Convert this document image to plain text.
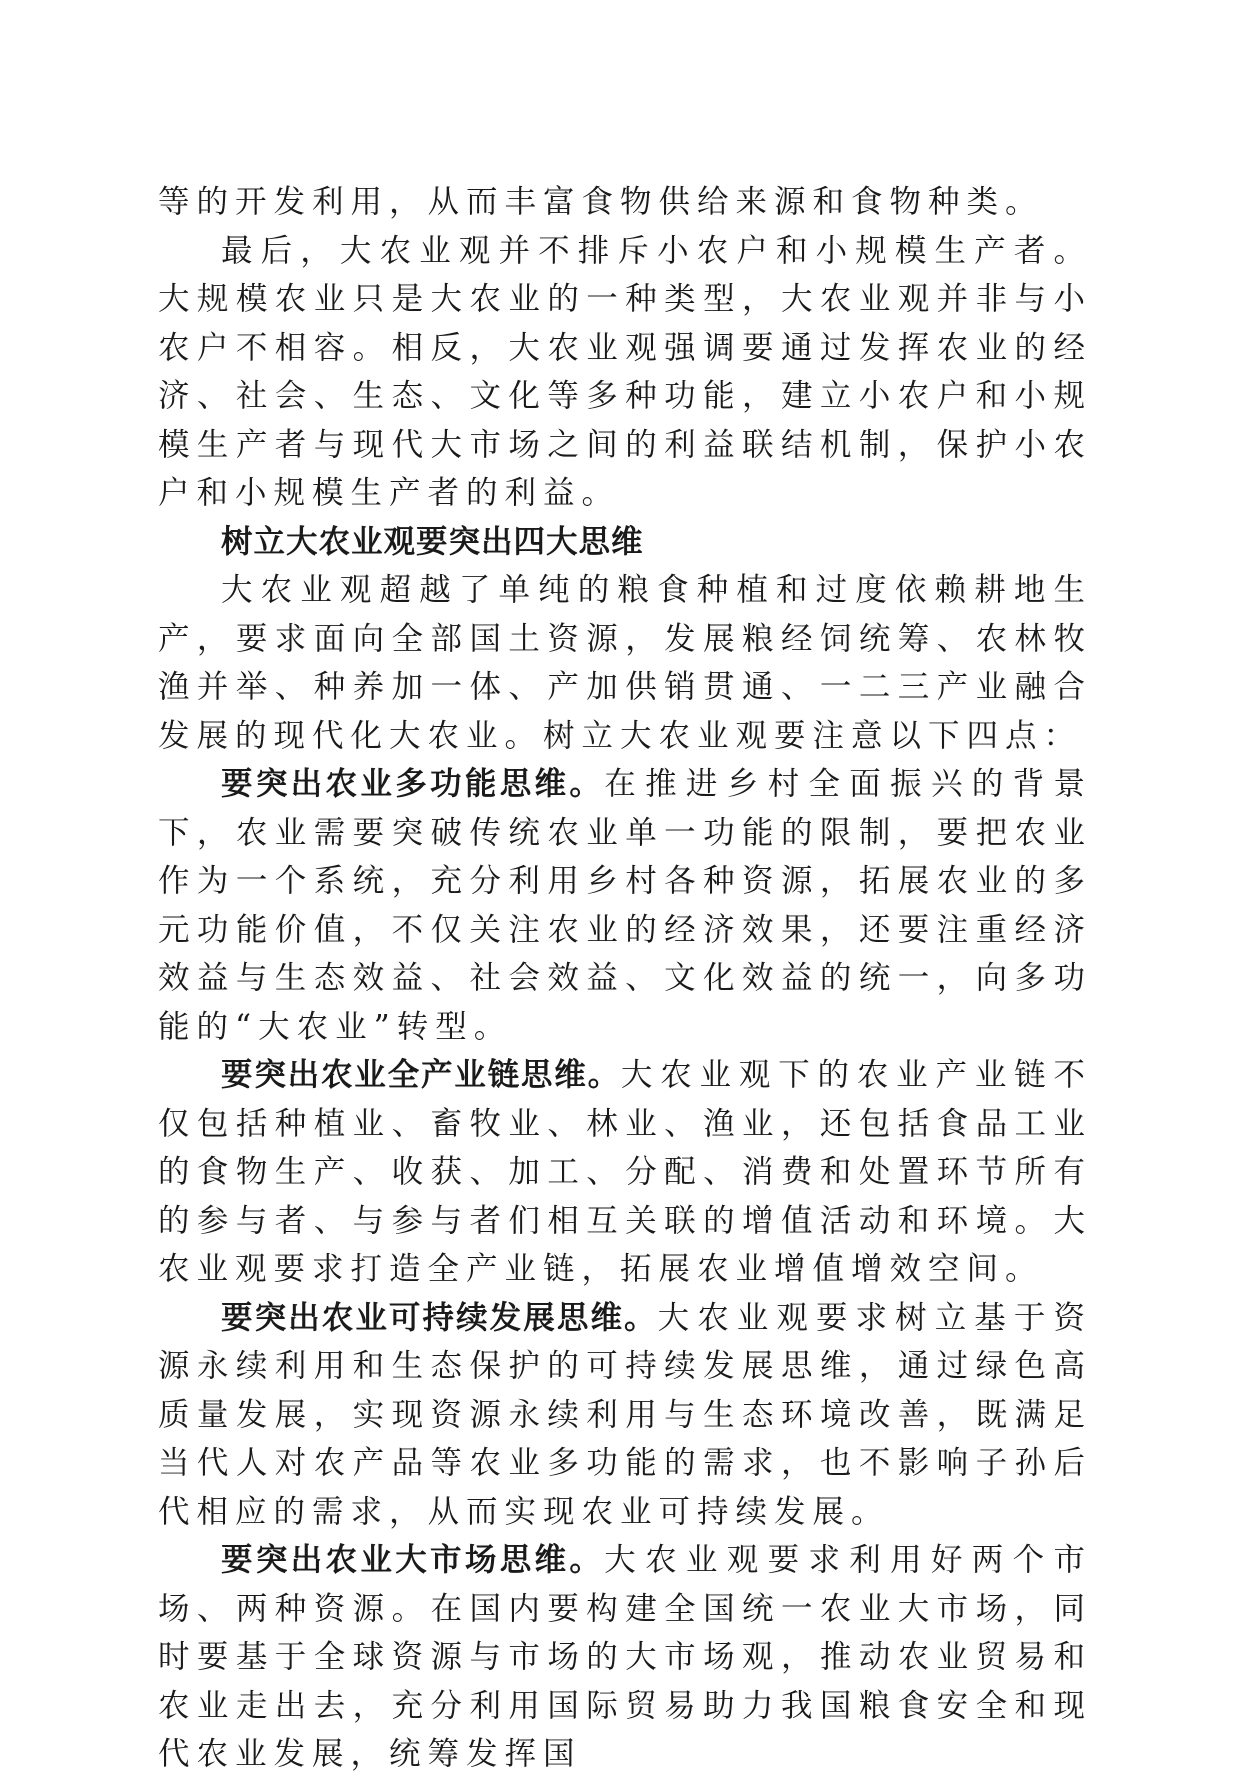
等的开发利用，从而丰富食物供给来源和食物种类。

最后，大农业观并不排斥小农户和小规模生产者。大规模农业只是大农业的一种类型，大农业观并非与小农户不相容。相反，大农业观强调要通过发挥农业的经济、社会、生态、文化等多种功能，建立小农户和小规模生产者与现代大市场之间的利益联结机制，保护小农户和小规模生产者的利益。

树立大农业观要突出四大思维

大农业观超越了单纯的粮食种植和过度依赖耕地生产，要求面向全部国土资源，发展粮经饲统筹、农林牧渔并举、种养加一体、产加供销贯通、一二三产业融合发展的现代化大农业。树立大农业观要注意以下四点：

要突出农业多功能思维。在推进乡村全面振兴的背景下，农业需要突破传统农业单一功能的限制，要把农业作为一个系统，充分利用乡村各种资源，拓展农业的多元功能价值，不仅关注农业的经济效果，还要注重经济效益与生态效益、社会效益、文化效益的统一，向多功能的“大农业”转型。

要突出农业全产业链思维。大农业观下的农业产业链不仅包括种植业、畜牧业、林业、渔业，还包括食品工业的食物生产、收获、加工、分配、消费和处置环节所有的参与者、与参与者们相互关联的增值活动和环境。大农业观要求打造全产业链，拓展农业增值增效空间。

要突出农业可持续发展思维。大农业观要求树立基于资源永续利用和生态保护的可持续发展思维，通过绿色高质量发展，实现资源永续利用与生态环境改善，既满足当代人对农产品等农业多功能的需求，也不影响子孙后代相应的需求，从而实现农业可持续发展。

要突出农业大市场思维。大农业观要求利用好两个市场、两种资源。在国内要构建全国统一农业大市场，同时要基于全球资源与市场的大市场观，推动农业贸易和农业走出去，充分利用国际贸易助力我国粮食安全和现代农业发展，统筹发挥国
